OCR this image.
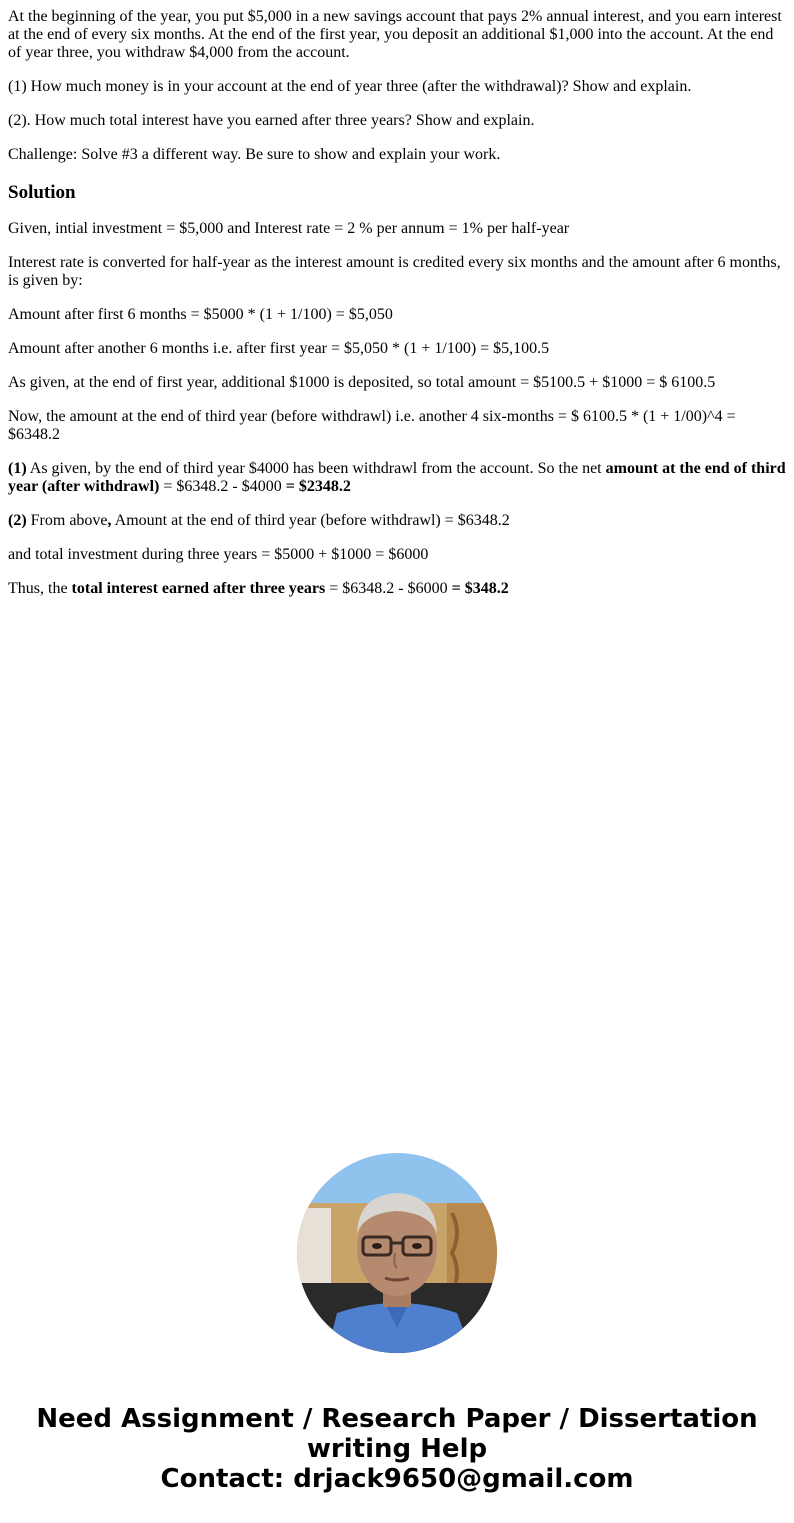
At the beginning of the year, you put $5,000 in a new savings account that pays 2% annual interest, and you earn interest at the end of every six months. At the end of the first year, you deposit an additional $1,000 into the account. At the end of year three, you withdraw $4,000 from the account.

(1) How much money is in your account at the end of year three (after the withdrawal)? Show and explain.

(2). How much total interest have you earned after three years? Show and explain.

Challenge: Solve #3 a different way. Be sure to show and explain your work.

Solution

Given, intial investment = $5,000 and Interest rate = 2 % per annum = 1% per half-year

Interest rate is converted for half-year as the interest amount is credited every six months and the amount after 6 months, is given by:

Amount after first 6 months = $5000 * (1 + 1/100) = $5,050

Amount after another 6 months i.e. after first year = $5,050 * (1 + 1/100) = $5,100.5

As given, at the end of first year, additional $1000 is deposited, so total amount = $5100.5 + $1000 = $ 6100.5

Now, the amount at the end of third year (before withdrawl) i.e. another 4 six-months = $ 6100.5 * (1 + 1/00)^4 = $6348.2

(1) As given, by the end of third year $4000 has been withdrawl from the account. So the net amount at the end of third year (after withdrawl) = $6348.2 - $4000 = $2348.2

(2) From above, Amount at the end of third year (before withdrawl) = $6348.2

and total investment during three years = $5000 + $1000 = $6000

Thus, the total interest earned after three years = $6348.2 - $6000 = $348.2

Need Assignment / Research Paper / Dissertation
writing Help
Contact: drjack9650@gmail.com
